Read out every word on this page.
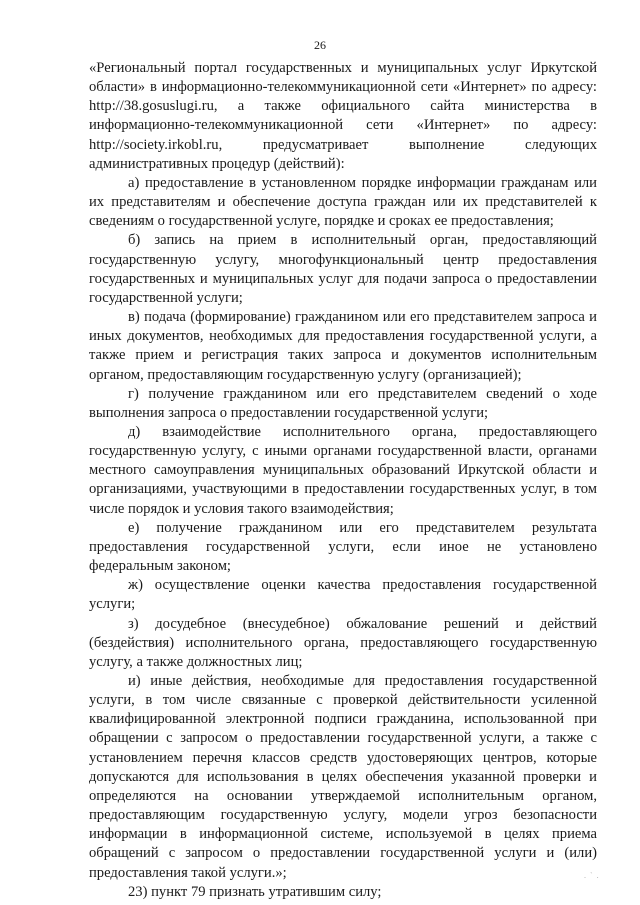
26

«Региональный портал государственных и муниципальных услуг Иркутской области» в информационно-телекоммуникационной сети «Интернет» по адресу: http://38.gosuslugi.ru, а также официального сайта министерства в информационно-телекоммуникационной сети «Интернет» по адресу: http://society.irkobl.ru, предусматривает выполнение следующих административных процедур (действий):

а) предоставление в установленном порядке информации гражданам или их представителям и обеспечение доступа граждан или их представителей к сведениям о государственной услуге, порядке и сроках ее предоставления;

б) запись на прием в исполнительный орган, предоставляющий государственную услугу, многофункциональный центр предоставления государственных и муниципальных услуг для подачи запроса о предоставлении государственной услуги;

в) подача (формирование) гражданином или его представителем запроса и иных документов, необходимых для предоставления государственной услуги, а также прием и регистрация таких запроса и документов исполнительным органом, предоставляющим государственную услугу (организацией);

г) получение гражданином или его представителем сведений о ходе выполнения запроса о предоставлении государственной услуги;

д) взаимодействие исполнительного органа, предоставляющего государственную услугу, с иными органами государственной власти, органами местного самоуправления муниципальных образований Иркутской области и организациями, участвующими в предоставлении государственных услуг, в том числе порядок и условия такого взаимодействия;

е) получение гражданином или его представителем результата предоставления государственной услуги, если иное не установлено федеральным законом;

ж) осуществление оценки качества предоставления государственной услуги;

з) досудебное (внесудебное) обжалование решений и действий (бездействия) исполнительного органа, предоставляющего государственную услугу, а также должностных лиц;

и) иные действия, необходимые для предоставления государственной услуги, в том числе связанные с проверкой действительности усиленной квалифицированной электронной подписи гражданина, использованной при обращении с запросом о предоставлении государственной услуги, а также с установлением перечня классов средств удостоверяющих центров, которые допускаются для использования в целях обеспечения указанной проверки и определяются на основании утверждаемой исполнительным органом, предоставляющим государственную услугу, модели угроз безопасности информации в информационной системе, используемой в целях приема обращений с запросом о предоставлении государственной услуги и (или) предоставления такой услуги.»;

23) пункт 79 признать утратившим силу;

. ` .
